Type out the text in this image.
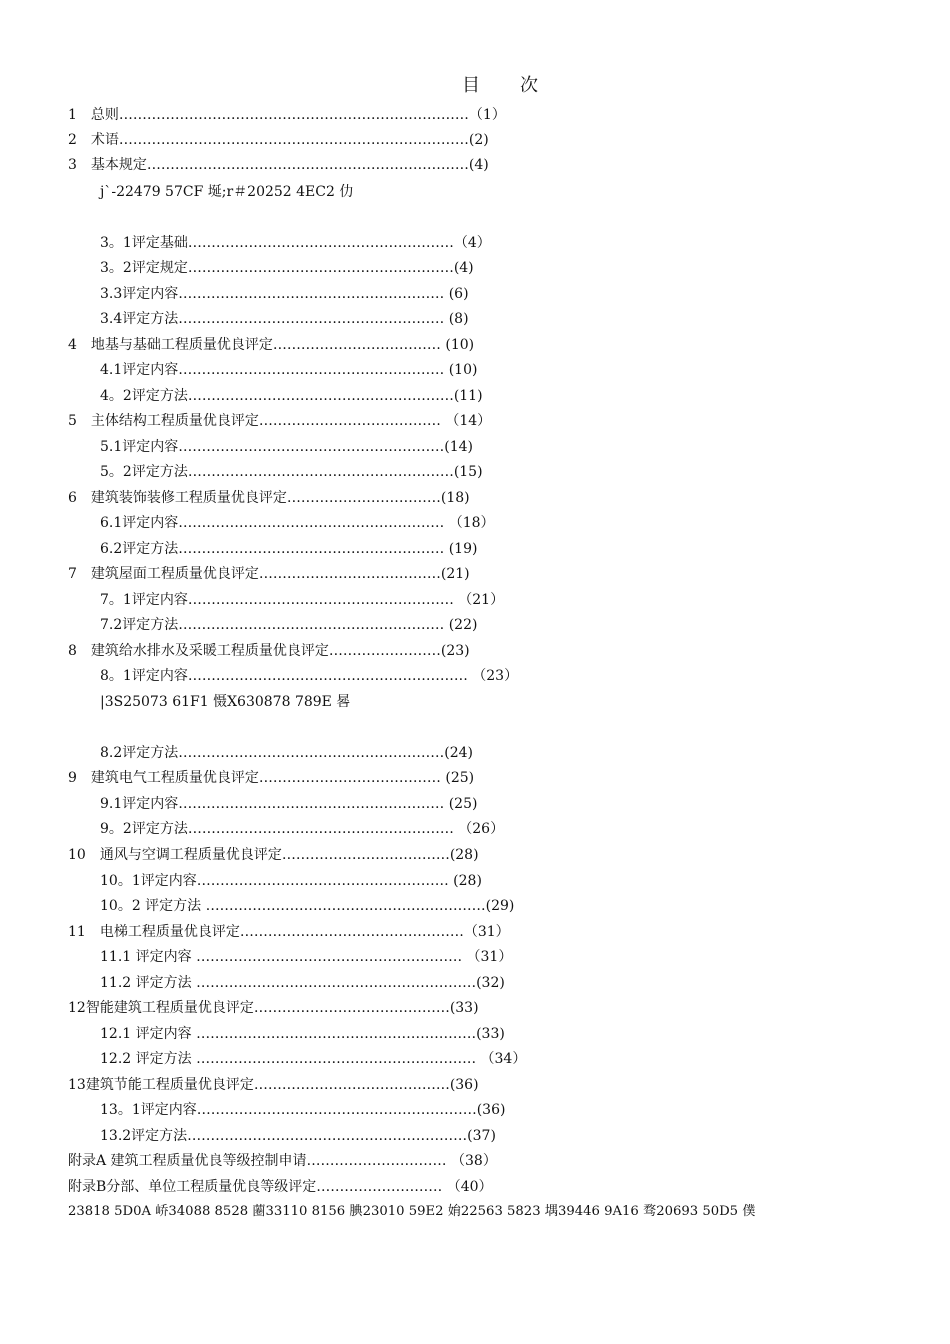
目 次
1　总则…………………………………………………………………（1）
2　术语…………………………………………………………………(2)
3　基本规定……………………………………………………………(4)
j`-22479 57CF 埏;r＃20252 4EC2 仂
3。1评定基础…………………………………………………（4）
3。2评定规定…………………………………………………(4)
3.3评定内容………………………………………………… (6)
3.4评定方法………………………………………………… (8)
4　地基与基础工程质量优良评定……………………………… (10)
4.1评定内容………………………………………………… (10)
4。2评定方法…………………………………………………(11)
5　主体结构工程质量优良评定………………………………… （14）
5.1评定内容…………………………………………………(14)
5。2评定方法…………………………………………………(15)
6　建筑装饰装修工程质量优良评定……………………………(18)
6.1评定内容………………………………………………… （18）
6.2评定方法………………………………………………… (19)
7　建筑屋面工程质量优良评定…………………………………(21)
7。1评定内容………………………………………………… （21）
7.2评定方法………………………………………………… (22)
8　建筑给水排水及采暖工程质量优良评定……………………(23)
8。1评定内容…………………………………………………… （23）
|3S25073 61F1 慑X630878 789E 晷
8.2评定方法…………………………………………………(24)
9　建筑电气工程质量优良评定………………………………… (25)
9.1评定内容………………………………………………… (25)
9。2评定方法………………………………………………… （26）
10　通风与空调工程质量优良评定………………………………(28)
10。1评定内容……………………………………………… (28)
10。2 评定方法 ……………………………………………………(29)
11　电梯工程质量优良评定…………………………………………（31）
11.1 评定内容 ………………………………………………… （31）
11.2 评定方法 ……………………………………………………(32)
12智能建筑工程质量优良评定……………………………………(33)
12.1 评定内容 ……………………………………………………(33)
12.2 评定方法 …………………………………………………… （34）
13建筑节能工程质量优良评定……………………………………(36)
13。1评定内容……………………………………………………(36)
13.2评定方法……………………………………………………(37)
附录A 建筑工程质量优良等级控制申请………………………… （38）
附录B分部、单位工程质量优良等级评定……………………… （40）
23818 5D0A 峤34088 8528 蔨33110 8156 腆23010 59E2 姢22563 5823 堣39446 9A16 骛20693 50D5 僕
